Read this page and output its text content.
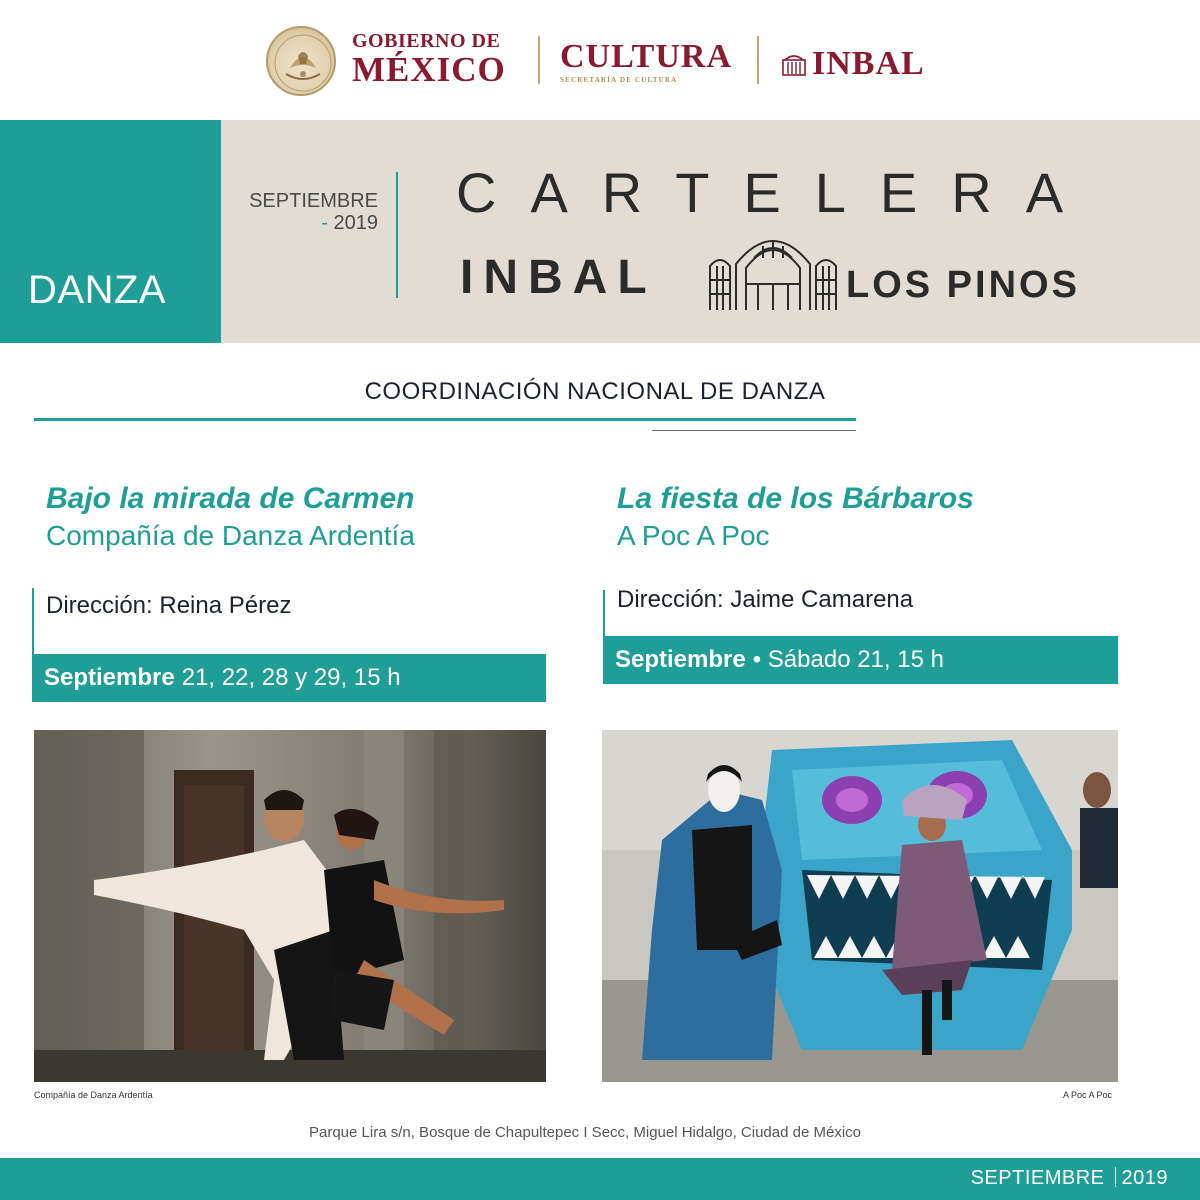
GOBIERNO DE
MÉXICO	CULTURA
SECRETARÍA DE CULTURA	INBAL
DANZA
SEPTIEMBRE
- 2019 CARTELERA
INBAL	LOS PINOS
COORDINACIÓN NACIONAL DE DANZA
Bajo la mirada de Carmen
Compañía de Danza Ardentía
Dirección: Reina Pérez
Septiembre 21, 22, 28 y 29, 15 h
Compañía de Danza Ardentía
La fiesta de los Bárbaros
A Poc A Poc
Dirección: Jaime Camarena
Septiembre • Sábado 21, 15 h
A Poc A Poc
Parque Lira s/n, Bosque de Chapultepec I Secc, Miguel Hidalgo, Ciudad de México
SEPTIEMBRE 2019
